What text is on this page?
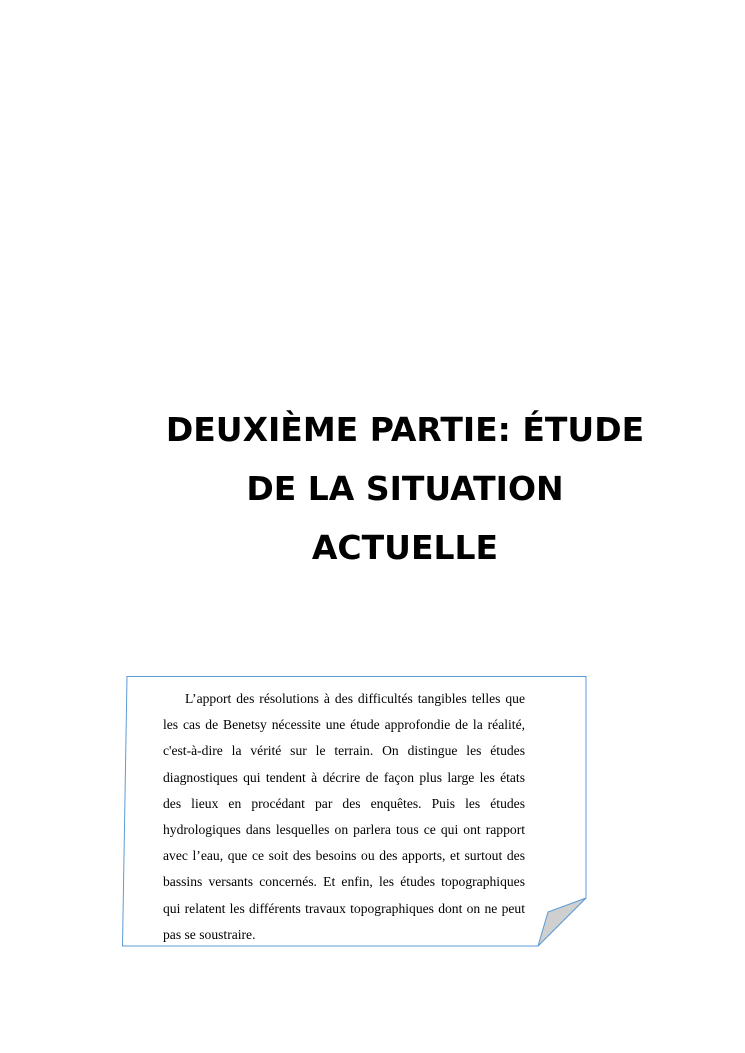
DEUXIÈME PARTIE: ÉTUDE
DE LA SITUATION
ACTUELLE

L’apport des résolutions à des difficultés tangibles telles que les cas de Benetsy nécessite une étude approfondie de la réalité, c'est-à-dire la vérité sur le terrain. On distingue les études diagnostiques qui tendent à décrire de façon plus large les états des lieux en procédant par des enquêtes. Puis les études hydrologiques dans lesquelles on parlera tous ce qui ont rapport avec l’eau, que ce soit des besoins ou des apports, et surtout des bassins versants concernés. Et enfin, les études topographiques qui relatent les différents travaux topographiques dont on ne peut pas se soustraire.
